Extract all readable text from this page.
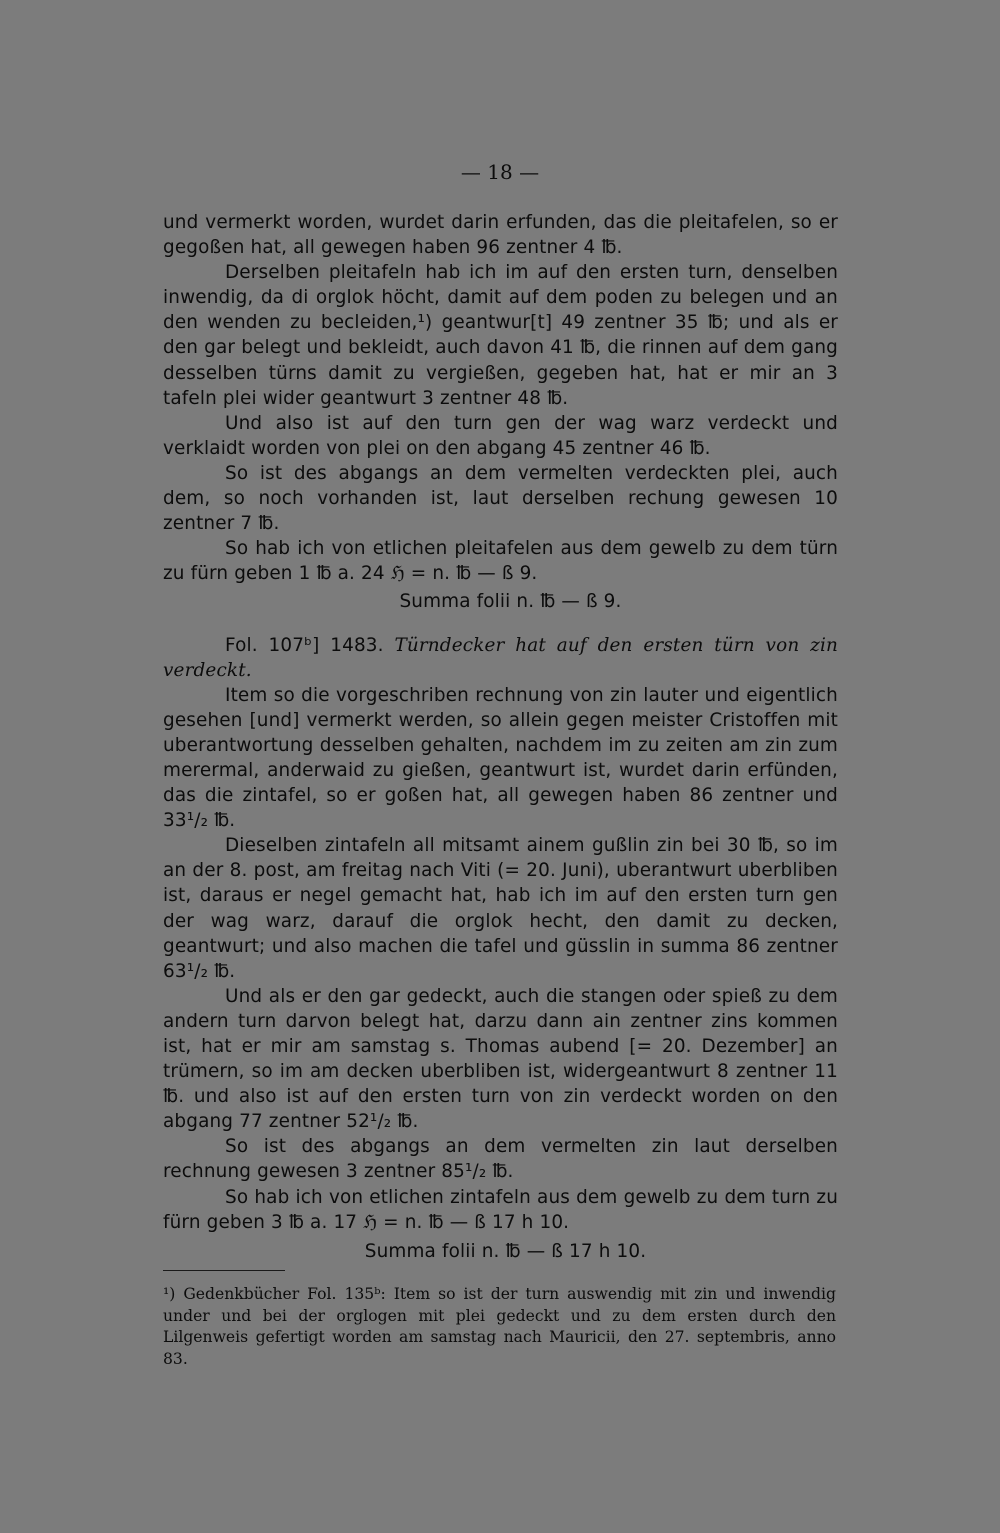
— 18 —

und vermerkt worden, wurdet darin erfunden, das die pleitafelen, so er gegoßen hat, all gewegen haben 96 zentner 4 ℔.

Derselben pleitafeln hab ich im auf den ersten turn, denselben inwendig, da di orglok höcht, damit auf dem poden zu belegen und an den wenden zu becleiden,¹) geantwur[t] 49 zentner 35 ℔; und als er den gar belegt und bekleidt, auch davon 41 ℔, die rinnen auf dem gang desselben türns damit zu vergießen, gegeben hat, hat er mir an 3 tafeln plei wider geantwurt 3 zentner 48 ℔.

Und also ist auf den turn gen der wag warz verdeckt und verklaidt worden von plei on den abgang 45 zentner 46 ℔.

So ist des abgangs an dem vermelten verdeckten plei, auch dem, so noch vorhanden ist, laut derselben rechung gewesen 10 zentner 7 ℔.

So hab ich von etlichen pleitafelen aus dem gewelb zu dem türn zu fürn geben 1 ℔ a. 24 ℌ = n. ℔ — ß 9.

Summa folii n. ℔ — ß 9.

Fol. 107ᵇ] 1483. Türndecker hat auf den ersten türn von zin verdeckt.

Item so die vorgeschriben rechnung von zin lauter und eigentlich gesehen [und] vermerkt werden, so allein gegen meister Cristoffen mit uberantwortung desselben gehalten, nachdem im zu zeiten am zin zum merermal, anderwaid zu gießen, geantwurt ist, wurdet darin erfünden, das die zintafel, so er goßen hat, all gewegen haben 86 zentner und 33¹/₂ ℔.

Dieselben zintafeln all mitsamt ainem gußlin zin bei 30 ℔, so im an der 8. post, am freitag nach Viti (= 20. Juni), uberantwurt uberbliben ist, daraus er negel gemacht hat, hab ich im auf den ersten turn gen der wag warz, darauf die orglok hecht, den damit zu decken, geantwurt; und also machen die tafel und güsslin in summa 86 zentner 63¹/₂ ℔.

Und als er den gar gedeckt, auch die stangen oder spieß zu dem andern turn darvon belegt hat, darzu dann ain zentner zins kommen ist, hat er mir am samstag s. Thomas aubend [= 20. Dezember] an trümern, so im am decken uberbliben ist, widergeantwurt 8 zentner 11 ℔. und also ist auf den ersten turn von zin verdeckt worden on den abgang 77 zentner 52¹/₂ ℔.

So ist des abgangs an dem vermelten zin laut derselben rechnung gewesen 3 zentner 85¹/₂ ℔.

So hab ich von etlichen zintafeln aus dem gewelb zu dem turn zu fürn geben 3 ℔ a. 17 ℌ = n. ℔ — ß 17 h 10.

Summa folii n. ℔ — ß 17 h 10.

¹) Gedenkbücher Fol. 135ᵇ: Item so ist der turn auswendig mit zin und inwendig under und bei der orglogen mit plei gedeckt und zu dem ersten durch den Lilgenweis gefertigt worden am samstag nach Mauricii, den 27. septembris, anno 83.
